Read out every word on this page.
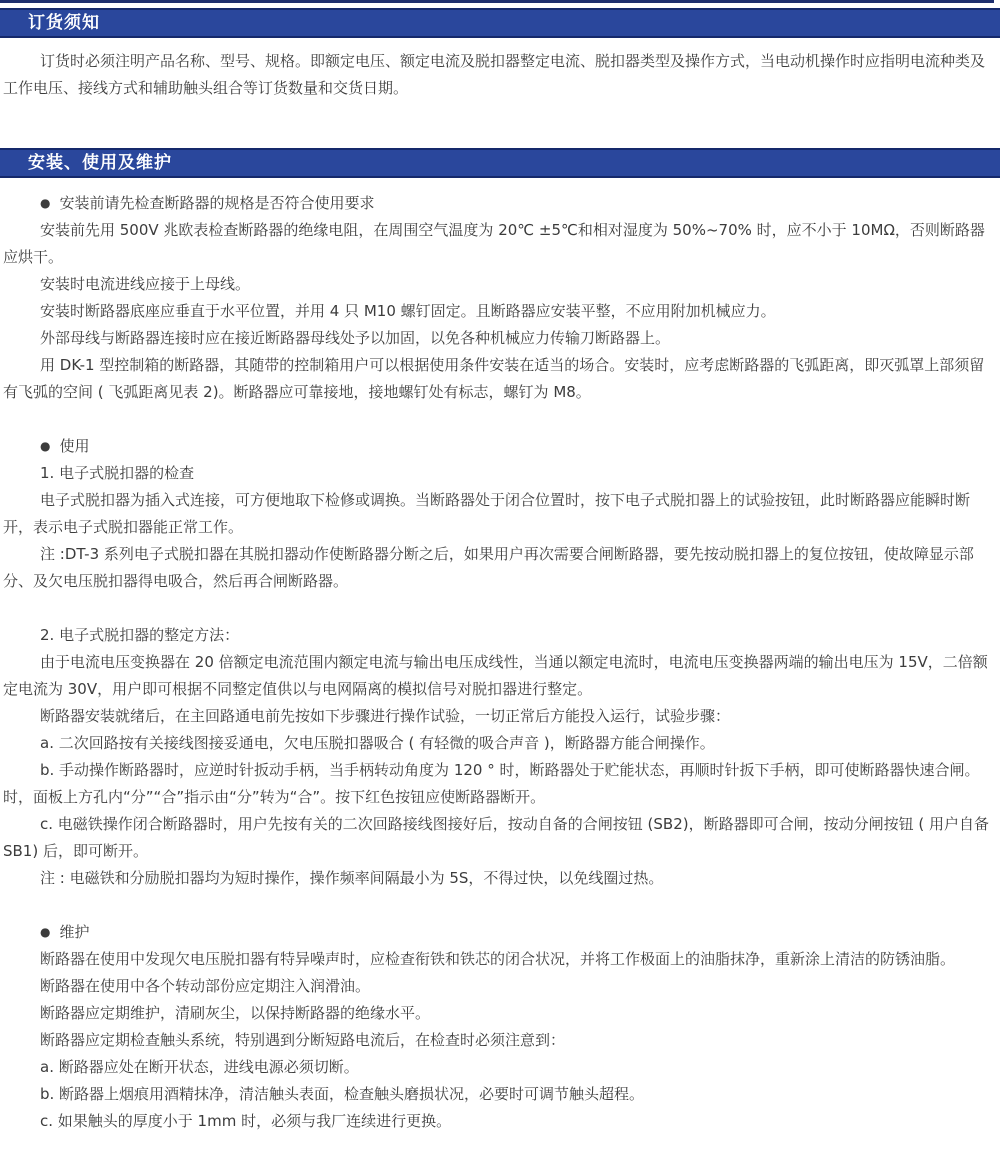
订货须知

订货时必须注明产品名称、型号、规格。即额定电压、额定电流及脱扣器整定电流、脱扣器类型及操作方式，当电动机操作时应指明电流种类及工作电压、接线方式和辅助触头组合等订货数量和交货日期。

安装、使用及维护
● 安装前请先检查断路器的规格是否符合使用要求

安装前先用 500V 兆欧表检查断路器的绝缘电阻，在周围空气温度为 20℃ ±5℃和相对湿度为 50%~70% 时，应不小于 10MΩ，否则断路器应烘干。

安装时电流进线应接于上母线。

安装时断路器底座应垂直于水平位置，并用 4 只 M10 螺钉固定。且断路器应安装平整，不应用附加机械应力。

外部母线与断路器连接时应在接近断路器母线处予以加固，以免各种机械应力传输刀断路器上。

用 DK-1 型控制箱的断路器，其随带的控制箱用户可以根据使用条件安装在适当的场合。安装时，应考虑断路器的飞弧距离，即灭弧罩上部须留有飞弧的空间 ( 飞弧距离见表 2)。断路器应可靠接地，接地螺钉处有标志，螺钉为 M8。

● 使用

1. 电子式脱扣器的检查

电子式脱扣器为插入式连接，可方便地取下检修或调换。当断路器处于闭合位置时，按下电子式脱扣器上的试验按钮，此时断路器应能瞬时断开，表示电子式脱扣器能正常工作。

注 :DT-3 系列电子式脱扣器在其脱扣器动作使断路器分断之后，如果用户再次需要合闸断路器，要先按动脱扣器上的复位按钮，使故障显示部分、及欠电压脱扣器得电吸合，然后再合闸断路器。

2. 电子式脱扣器的整定方法：

由于电流电压变换器在 20 倍额定电流范围内额定电流与输出电压成线性，当通以额定电流时，电流电压变换器两端的输出电压为 15V，二倍额定电流为 30V，用户即可根据不同整定值供以与电网隔离的模拟信号对脱扣器进行整定。

断路器安装就绪后，在主回路通电前先按如下步骤进行操作试验，一切正常后方能投入运行，试验步骤：

a. 二次回路按有关接线图接妥通电，欠电压脱扣器吸合 ( 有轻微的吸合声音 )，断路器方能合闸操作。

b. 手动操作断路器时，应逆时针扳动手柄，当手柄转动角度为 120 ° 时，断路器处于贮能状态，再顺时针扳下手柄，即可使断路器快速合闸。时，面板上方孔内“分”“合”指示由“分”转为“合”。按下红色按钮应使断路器断开。

c. 电磁铁操作闭合断路器时，用户先按有关的二次回路接线图接好后，按动自备的合闸按钮 (SB2)，断路器即可合闸，按动分闸按钮 ( 用户自备 SB1) 后，即可断开。

注 : 电磁铁和分励脱扣器均为短时操作，操作频率间隔最小为 5S，不得过快，以免线圈过热。

● 维护

断路器在使用中发现欠电压脱扣器有特异噪声时，应检查衔铁和铁芯的闭合状况，并将工作极面上的油脂抹净，重新涂上清洁的防锈油脂。

断路器在使用中各个转动部份应定期注入润滑油。

断路器应定期维护，清刷灰尘，以保持断路器的绝缘水平。

断路器应定期检查触头系统，特别遇到分断短路电流后，在检查时必须注意到：

a. 断路器应处在断开状态，进线电源必须切断。

b. 断路器上烟痕用酒精抹净，清洁触头表面，检查触头磨损状况，必要时可调节触头超程。

c. 如果触头的厚度小于 1mm 时，必须与我厂连续进行更换。
